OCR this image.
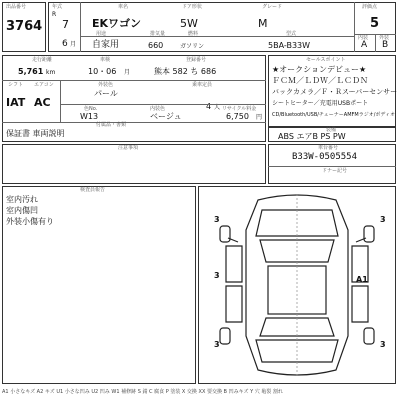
出品番号
3764
年式
R
7
6 月
車名
EKワゴン
ドア形状
5W
グレード
M
評価点
5
用途
自家用
排気量
660
燃料
ガソリン
型式
5BA-B33W
内装 外装
A B
走行距離
5,761 km
車検
10・06 月
登録番号
熊本 582 ち 686
シフト
IAT
エアコン
AC
乗車定員
4 人
外装色
パール
色No.
W13
内装色
ベージュ
リサイクル料金
6,750 円
付属品・書類
保証書 車両説明
セールスポイント
★オークションデビュー★
ＦＣＭ／ＬＤＷ／ＬＣＤＮ
バックカメラ／Ｆ・Ｒスーパーセンサー
シートヒーター／充電用USBポート
CD/Bluetooth/USB/チューナーAMFMラジオ/ボディオ
装備
ABS エアB PS PW
注意事項	車台番号
B33W-0505554
ドナー記号
検査員報告
室内汚れ
室内傷凹
外装小傷有り	3	3
3
3
A1
3
A1 小さなキズ A2 キズ U1 小さな凹み U2 凹み W1 補修跡 S 錆 C 腐食 P 塗装 X 交換 XX 要交換 B 凹みキズ Y 穴 亀裂 割れ
